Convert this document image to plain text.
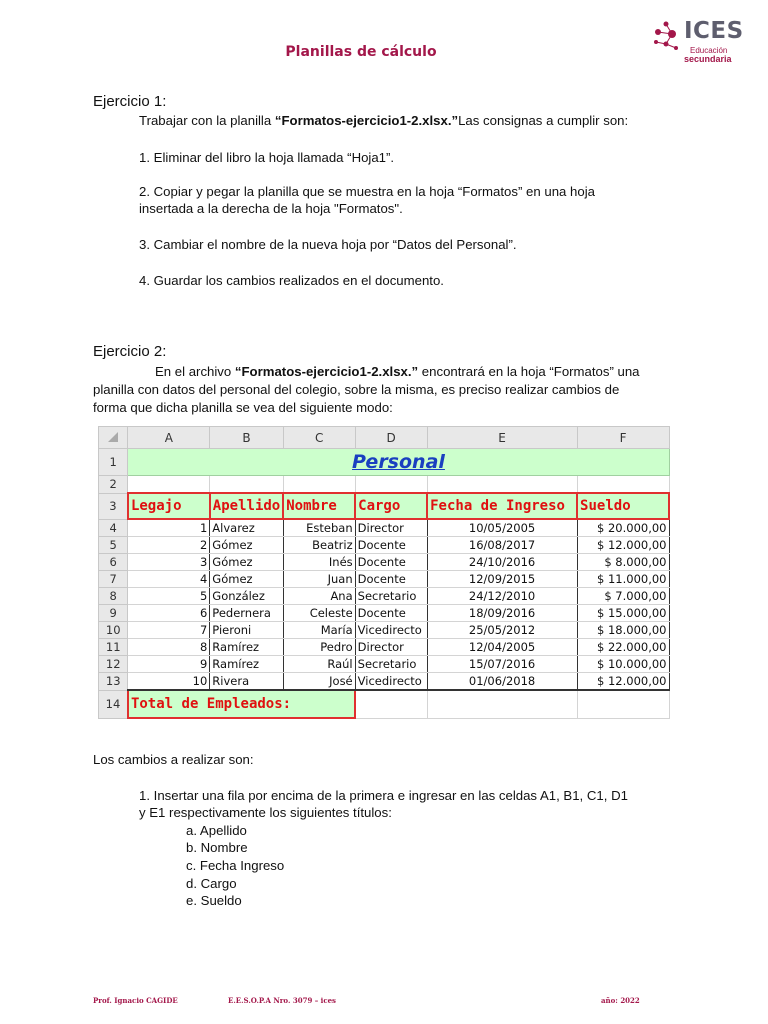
Planillas de cálculo
ICES
Educación
secundaria
Ejercicio 1:
Trabajar con la planilla “Formatos-ejercicio1-2.xlsx.”Las consignas a cumplir son:
1. Eliminar del libro la hoja llamada “Hoja1”.
2. Copiar y pegar la planilla que se muestra en la hoja “Formatos” en una hoja
insertada a la derecha de la hoja "Formatos".
3. Cambiar el nombre de la nueva hoja por “Datos del Personal”.
4. Guardar los cambios realizados en el documento.
Ejercicio 2:
En el archivo “Formatos-ejercicio1-2.xlsx.” encontrará en la hoja “Formatos” una
planilla con datos del personal del colegio, sobre la misma, es preciso realizar cambios de
forma que dicha planilla se vea del siguiente modo:
	A	B	C	D	E	F
1	Personal					
2						
3	Legajo	Apellido	Nombre	Cargo	Fecha de Ingreso	Sueldo
4	1	Alvarez	Esteban	Director	10/05/2005	$ 20.000,00
5	2	Gómez	Beatriz	Docente	16/08/2017	$ 12.000,00
6	3	Gómez	Inés	Docente	24/10/2016	$ 8.000,00
7	4	Gómez	Juan	Docente	12/09/2015	$ 11.000,00
8	5	González	Ana	Secretario	24/12/2010	$ 7.000,00
9	6	Pedernera	Celeste	Docente	18/09/2016	$ 15.000,00
10	7	Pieroni	María	Vicedirecto	25/05/2012	$ 18.000,00
11	8	Ramírez	Pedro	Director	12/04/2005	$ 22.000,00
12	9	Ramírez	Raúl	Secretario	15/07/2016	$ 10.000,00
13	10	Rivera	José	Vicedirecto	01/06/2018	$ 12.000,00
14	Total de Empleados:					
Los cambios a realizar son:
1. Insertar una fila por encima de la primera e ingresar en las celdas A1, B1, C1, D1
y E1 respectivamente los siguientes títulos:
a. Apellido
b. Nombre
c. Fecha Ingreso
d. Cargo
e. Sueldo
Prof. Ignacio CAGIDE	E.E.S.O.P.A Nro. 3079 – ices	año: 2022
